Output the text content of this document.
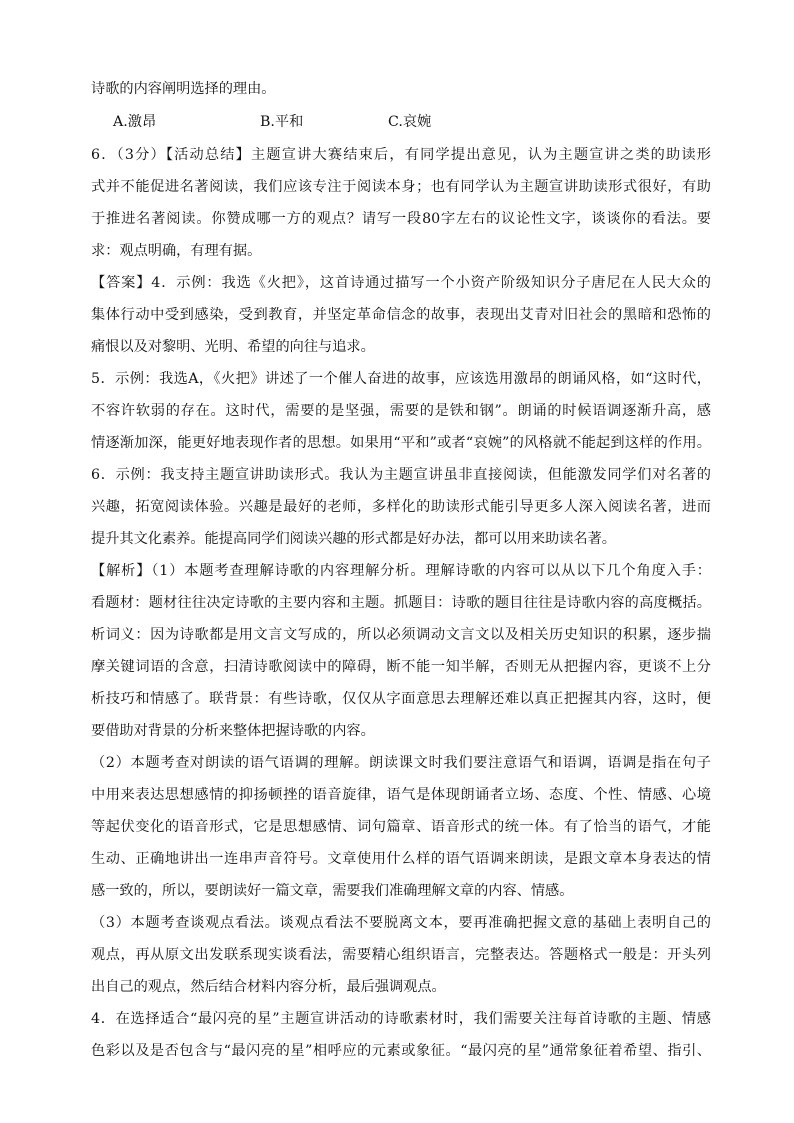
诗歌的内容阐明选择的理由。
A.激昂	B.平和	C.哀婉
6．（3分）【活动总结】主题宣讲大赛结束后，有同学提出意见，认为主题宣讲之类的助读形
式并不能促进名著阅读，我们应该专注于阅读本身；也有同学认为主题宣讲助读形式很好，有助
于推进名著阅读。你赞成哪一方的观点？请写一段80字左右的议论性文字，谈谈你的看法。要
求：观点明确，有理有据。
【答案】4．示例：我选《火把》，这首诗通过描写一个小资产阶级知识分子唐尼在人民大众的
集体行动中受到感染，受到教育，并坚定革命信念的故事，表现出艾青对旧社会的黑暗和恐怖的
痛恨以及对黎明、光明、希望的向往与追求。
5．示例：我选A，《火把》讲述了一个催人奋进的故事，应该选用激昂的朗诵风格，如“这时代，
不容许软弱的存在。这时代，需要的是坚强，需要的是铁和钢”。朗诵的时候语调逐渐升高，感
情逐渐加深，能更好地表现作者的思想。如果用“平和”或者“哀婉”的风格就不能起到这样的作用。
6．示例：我支持主题宣讲助读形式。我认为主题宣讲虽非直接阅读，但能激发同学们对名著的
兴趣，拓宽阅读体验。兴趣是最好的老师，多样化的助读形式能引导更多人深入阅读名著，进而
提升其文化素养。能提高同学们阅读兴趣的形式都是好办法，都可以用来助读名著。
【解析】（1）本题考查理解诗歌的内容理解分析。理解诗歌的内容可以从以下几个角度入手：
看题材：题材往往决定诗歌的主要内容和主题。抓题目：诗歌的题目往往是诗歌内容的高度概括。
析词义：因为诗歌都是用文言文写成的，所以必须调动文言文以及相关历史知识的积累，逐步揣
摩关键词语的含意，扫清诗歌阅读中的障碍，断不能一知半解，否则无从把握内容，更谈不上分
析技巧和情感了。联背景：有些诗歌，仅仅从字面意思去理解还难以真正把握其内容，这时，便
要借助对背景的分析来整体把握诗歌的内容。
（2）本题考查对朗读的语气语调的理解。朗读课文时我们要注意语气和语调，语调是指在句子
中用来表达思想感情的抑扬顿挫的语音旋律，语气是体现朗诵者立场、态度、个性、情感、心境
等起伏变化的语音形式，它是思想感情、词句篇章、语音形式的统一体。有了恰当的语气，才能
生动、正确地讲出一连串声音符号。文章使用什么样的语气语调来朗读，是跟文章本身表达的情
感一致的，所以，要朗读好一篇文章，需要我们准确理解文章的内容、情感。
（3）本题考查谈观点看法。谈观点看法不要脱离文本，要再准确把握文意的基础上表明自己的
观点，再从原文出发联系现实谈看法，需要精心组织语言，完整表达。答题格式一般是：开头列
出自己的观点，然后结合材料内容分析，最后强调观点。
4．在选择适合“最闪亮的星”主题宣讲活动的诗歌素材时，我们需要关注每首诗歌的主题、情感
色彩以及是否包含与“最闪亮的星”相呼应的元素或象征。“最闪亮的星”通常象征着希望、指引、
